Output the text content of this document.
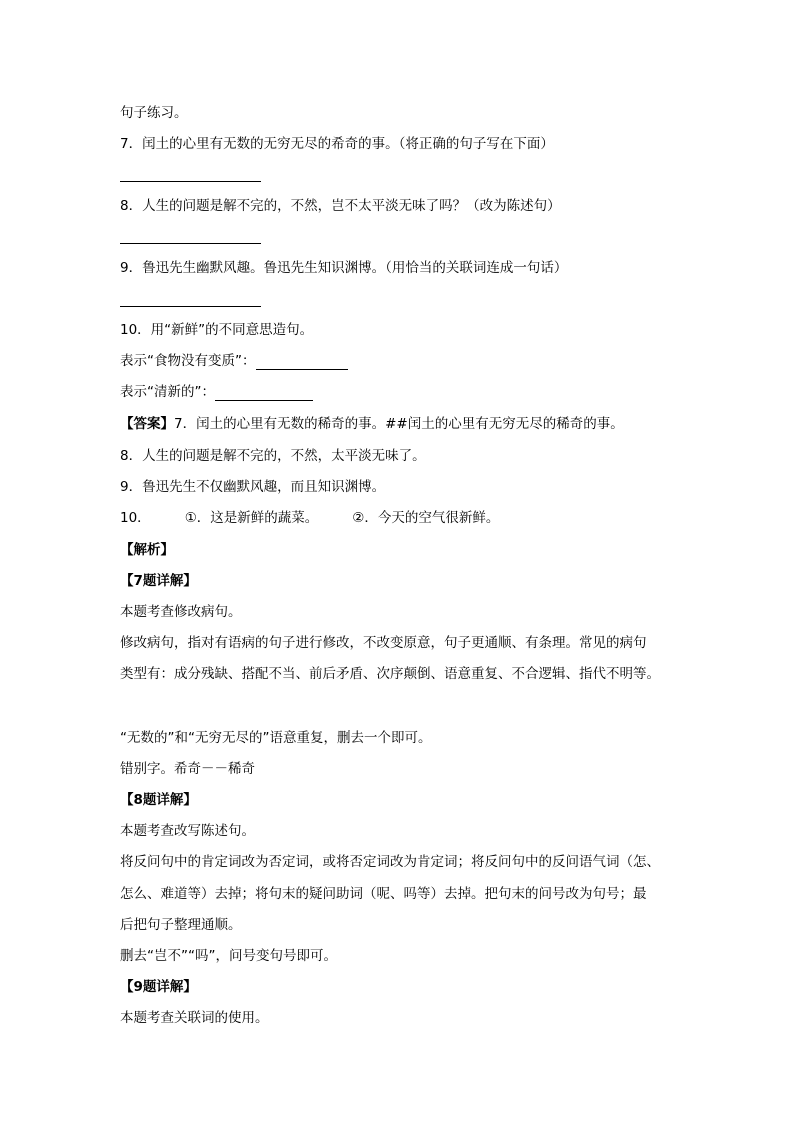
句子练习。
7．闰土的心里有无数的无穷无尽的希奇的事。（将正确的句子写在下面）
8．人生的问题是解不完的，不然，岂不太平淡无味了吗？（改为陈述句）
9．鲁迅先生幽默风趣。鲁迅先生知识渊博。（用恰当的关联词连成一句话）
10．用“新鲜”的不同意思造句。
表示“食物没有变质”：
表示“清新的”：
【答案】7．闰土的心里有无数的稀奇的事。##闰土的心里有无穷无尽的稀奇的事。
8．人生的问题是解不完的，不然，太平淡无味了。
9．鲁迅先生不仅幽默风趣，而且知识渊博。
10．	①．这是新鲜的蔬菜。	②．今天的空气很新鲜。
【解析】
【7题详解】
本题考查修改病句。
修改病句，指对有语病的句子进行修改，不改变原意，句子更通顺、有条理。常见的病句
类型有：成分残缺、搭配不当、前后矛盾、次序颠倒、语意重复、不合逻辑、指代不明等。
“无数的”和“无穷无尽的”语意重复，删去一个即可。
错别字。希奇－－稀奇
【8题详解】
本题考查改写陈述句。
将反问句中的肯定词改为否定词，或将否定词改为肯定词；将反问句中的反问语气词（怎、
怎么、难道等）去掉；将句末的疑问助词（呢、吗等）去掉。把句末的问号改为句号；最
后把句子整理通顺。
删去“岂不”“吗”，问号变句号即可。
【9题详解】
本题考查关联词的使用。
